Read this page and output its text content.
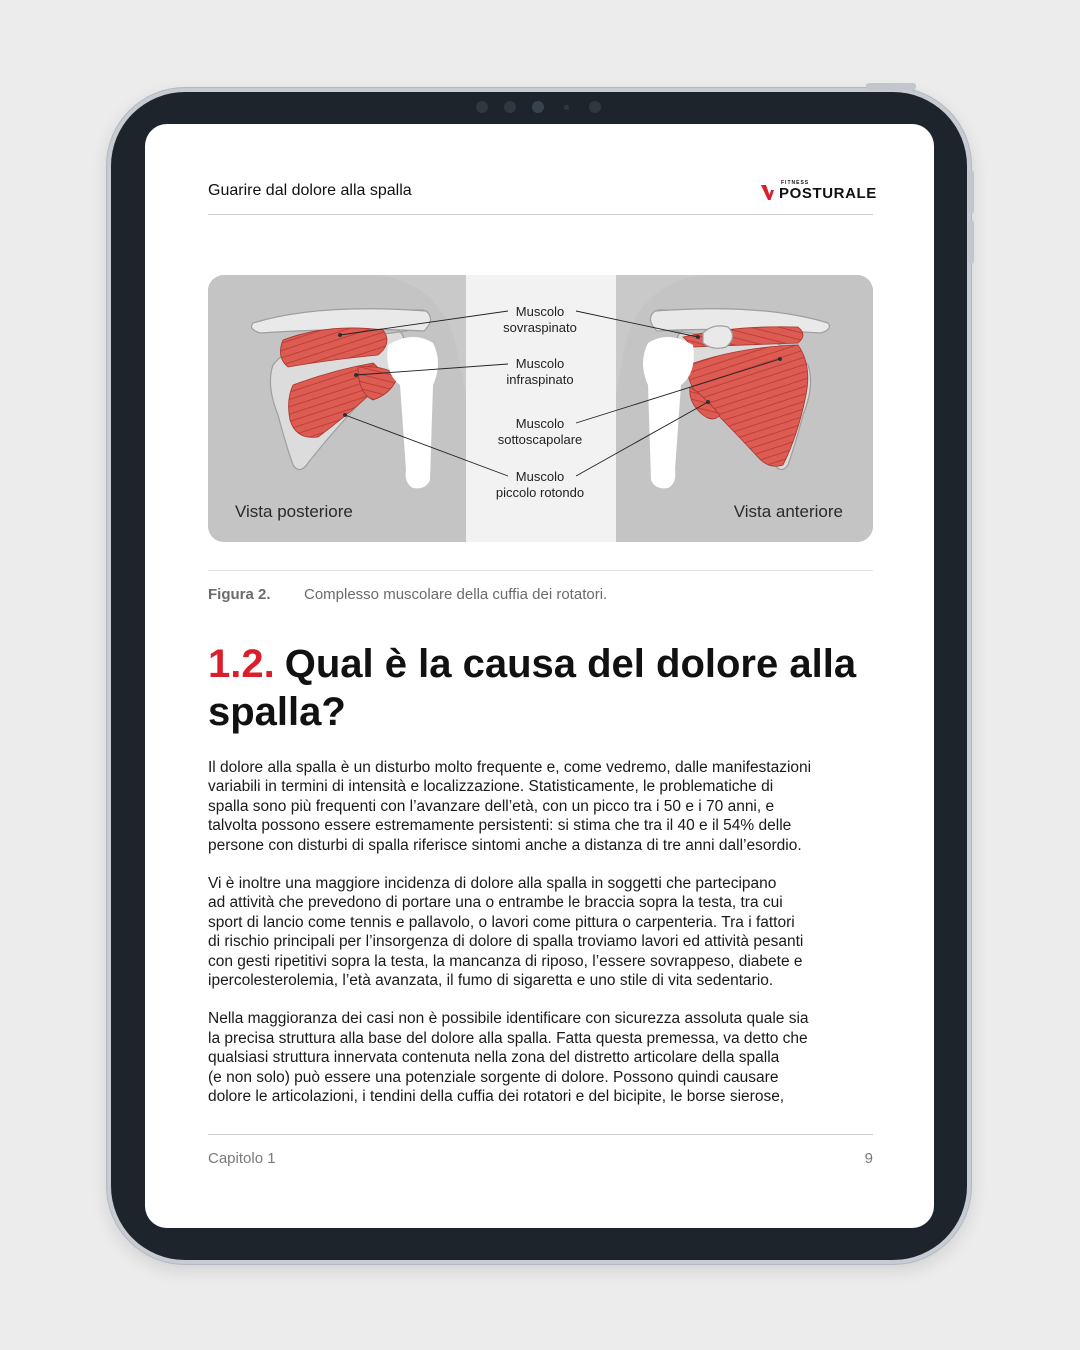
Guarire dal dolore alla spalla	FITNESS
POSTURALE
Vista posteriore	Vista anteriore
Muscolo
sovraspinato
Muscolo
infraspinato
Muscolo
sottoscapolare
Muscolo
piccolo rotondo
Figura 2. Complesso muscolare della cuffia dei rotatori.
1.2. Qual è la causa del dolore alla spalla?

Il dolore alla spalla è un disturbo molto frequente e, come vedremo, dalle manifestazioni
variabili in termini di intensità e localizzazione. Statisticamente, le problematiche di
spalla sono più frequenti con l’avanzare dell’età, con un picco tra i 50 e i 70 anni, e
talvolta possono essere estremamente persistenti: si stima che tra il 40 e il 54% delle
persone con disturbi di spalla riferisce sintomi anche a distanza di tre anni dall’esordio.

Vi è inoltre una maggiore incidenza di dolore alla spalla in soggetti che partecipano
ad attività che prevedono di portare una o entrambe le braccia sopra la testa, tra cui
sport di lancio come tennis e pallavolo, o lavori come pittura o carpenteria. Tra i fattori
di rischio principali per l’insorgenza di dolore di spalla troviamo lavori ed attività pesanti
con gesti ripetitivi sopra la testa, la mancanza di riposo, l’essere sovrappeso, diabete e
ipercolesterolemia, l’età avanzata, il fumo di sigaretta e uno stile di vita sedentario.

Nella maggioranza dei casi non è possibile identificare con sicurezza assoluta quale sia
la precisa struttura alla base del dolore alla spalla. Fatta questa premessa, va detto che
qualsiasi struttura innervata contenuta nella zona del distretto articolare della spalla
(e non solo) può essere una potenziale sorgente di dolore. Possono quindi causare
dolore le articolazioni, i tendini della cuffia dei rotatori e del bicipite, le borse sierose,

Capitolo 1	9
